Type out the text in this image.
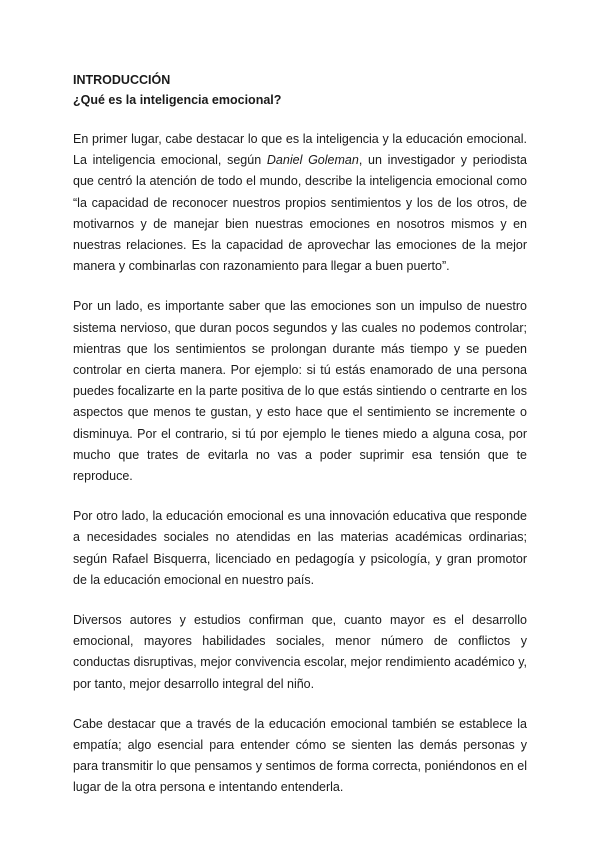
INTRODUCCIÓN

¿Qué es la inteligencia emocional?

En primer lugar, cabe destacar lo que es la inteligencia y la educación emocional. La inteligencia emocional, según Daniel Goleman, un investigador y periodista que centró la atención de todo el mundo, describe la inteligencia emocional como “la capacidad de reconocer nuestros propios sentimientos y los de los otros, de motivarnos y de manejar bien nuestras emociones en nosotros mismos y en nuestras relaciones. Es la capacidad de aprovechar las emociones de la mejor manera y combinarlas con razonamiento para llegar a buen puerto”.

Por un lado, es importante saber que las emociones son un impulso de nuestro sistema nervioso, que duran pocos segundos y las cuales no podemos controlar; mientras que los sentimientos se prolongan durante más tiempo y se pueden controlar en cierta manera. Por ejemplo: si tú estás enamorado de una persona puedes focalizarte en la parte positiva de lo que estás sintiendo o centrarte en los aspectos que menos te gustan, y esto hace que el sentimiento se incremente o disminuya. Por el contrario, si tú por ejemplo le tienes miedo a alguna cosa, por mucho que trates de evitarla no vas a poder suprimir esa tensión que te reproduce.

Por otro lado, la educación emocional es una innovación educativa que responde a necesidades sociales no atendidas en las materias académicas ordinarias; según Rafael Bisquerra, licenciado en pedagogía y psicología, y gran promotor de la educación emocional en nuestro país.

Diversos autores y estudios confirman que, cuanto mayor es el desarrollo emocional, mayores habilidades sociales, menor número de conflictos y conductas disruptivas, mejor convivencia escolar, mejor rendimiento académico y, por tanto, mejor desarrollo integral del niño.

Cabe destacar que a través de la educación emocional también se establece la empatía; algo esencial para entender cómo se sienten las demás personas y para transmitir lo que pensamos y sentimos de forma correcta, poniéndonos en el lugar de la otra persona e intentando entenderla.
